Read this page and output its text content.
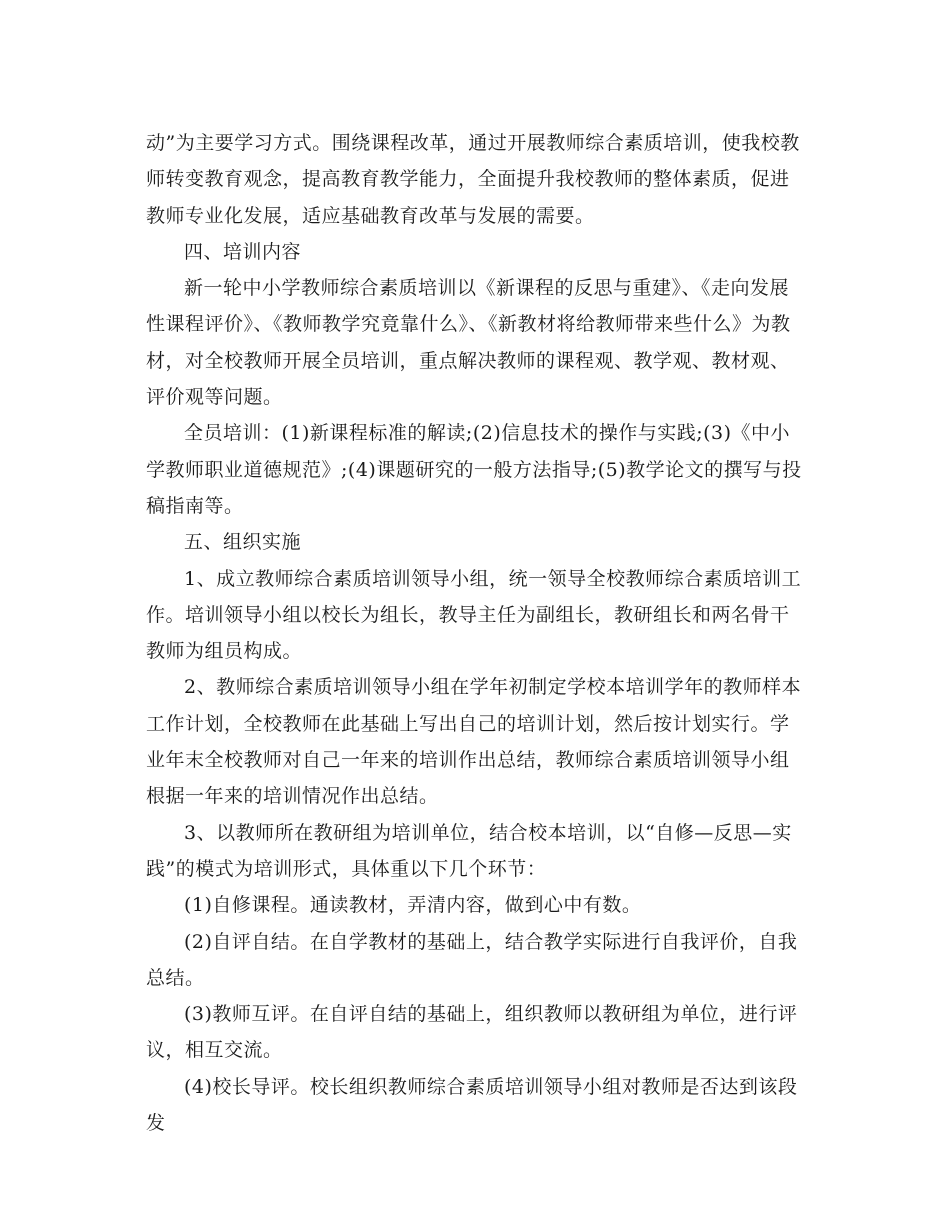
动”为主要学习方式。围绕课程改革，通过开展教师综合素质培训，使我校教师转变教育观念，提高教育教学能力，全面提升我校教师的整体素质，促进教师专业化发展，适应基础教育改革与发展的需要。

四、培训内容

新一轮中小学教师综合素质培训以《新课程的反思与重建》、《走向发展性课程评价》、《教师教学究竟靠什么》、《新教材将给教师带来些什么》为教材，对全校教师开展全员培训，重点解决教师的课程观、教学观、教材观、评价观等问题。

全员培训：(1)新课程标准的解读;(2)信息技术的操作与实践;(3)《中小学教师职业道德规范》;(4)课题研究的一般方法指导;(5)教学论文的撰写与投稿指南等。

五、组织实施

1、成立教师综合素质培训领导小组，统一领导全校教师综合素质培训工作。培训领导小组以校长为组长，教导主任为副组长，教研组长和两名骨干教师为组员构成。

2、教师综合素质培训领导小组在学年初制定学校本培训学年的教师样本工作计划，全校教师在此基础上写出自己的培训计划，然后按计划实行。学业年末全校教师对自己一年来的培训作出总结，教师综合素质培训领导小组根据一年来的培训情况作出总结。

3、以教师所在教研组为培训单位，结合校本培训，以“自修—反思—实践”的模式为培训形式，具体重以下几个环节：

(1)自修课程。通读教材，弄清内容，做到心中有数。

(2)自评自结。在自学教材的基础上，结合教学实际进行自我评价，自我总结。

(3)教师互评。在自评自结的基础上，组织教师以教研组为单位，进行评议，相互交流。

(4)校长导评。校长组织教师综合素质培训领导小组对教师是否达到该段发
